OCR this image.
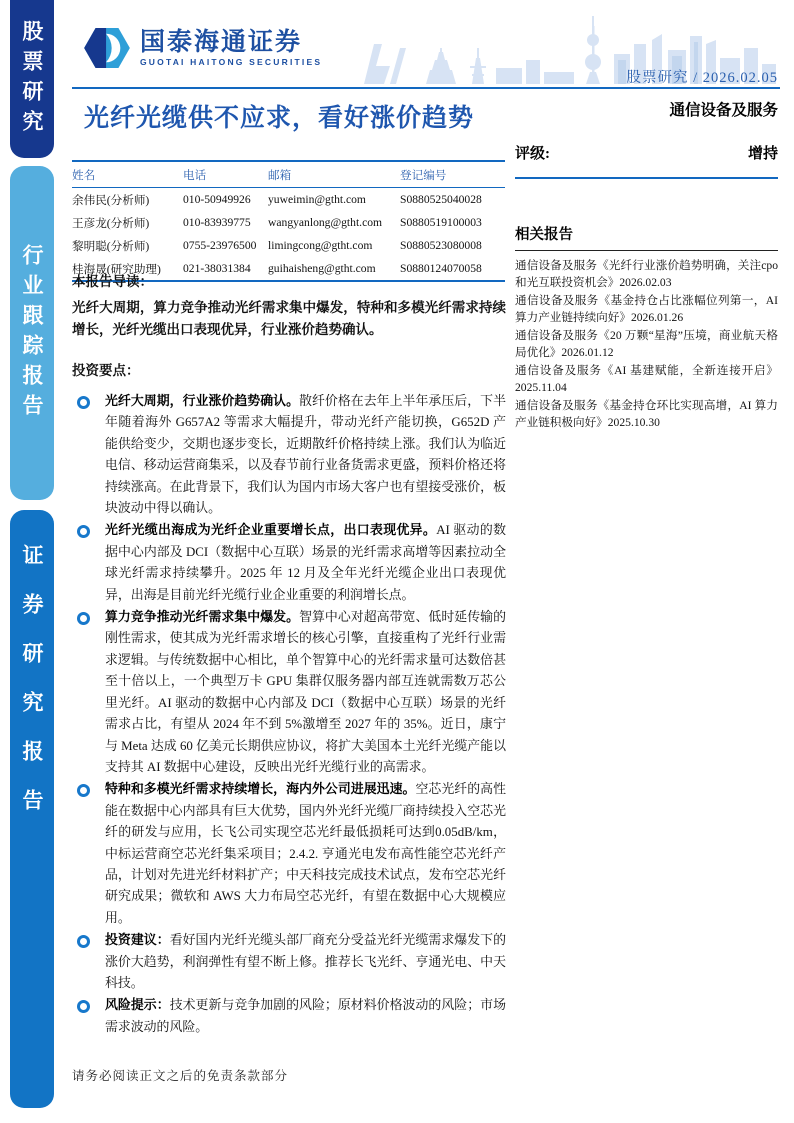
股票研究
行业跟踪报告
证券研究报告
国泰海通证券
GUOTAI HAITONG SECURITIES
股票研究 / 2026.02.05
光纤光缆供不应求，看好涨价趋势	通信设备及服务
评级:	增持
相关报告
通信设备及服务《光纤行业涨价趋势明确，关注cpo 和光互联投资机会》2026.02.03
通信设备及服务《基金持仓占比涨幅位列第一，AI 算力产业链持续向好》2026.01.26
通信设备及服务《20 万颗“星海”压境，商业航天格局优化》2026.01.12
通信设备及服务《AI 基建赋能，全新连接开启》2025.11.04
通信设备及服务《基金持仓环比实现高增，AI 算力产业链积极向好》2025.10.30
姓名	电话	邮箱	登记编号
余伟民(分析师)	010-50949926	yuweimin@gtht.com	S0880525040028
王彦龙(分析师)	010-83939775	wangyanlong@gtht.com	S0880519100003
黎明聪(分析师)	0755-23976500 limingcong@gtht.com	S0880523080008
桂海晟(研究助理)	021-38031384	guihaisheng@gtht.com	S0880124070058
本报告导读：
光纤大周期，算力竞争推动光纤需求集中爆发，特种和多模光纤需求持续增长，光纤光缆出口表现优异，行业涨价趋势确认。
投资要点：
光纤大周期，行业涨价趋势确认。散纤价格在去年上半年承压后，下半年随着海外 G657A2 等需求大幅提升，带动光纤产能切换，G652D 产能供给变少，交期也逐步变长，近期散纤价格持续上涨。我们认为临近电信、移动运营商集采，以及春节前行业备货需求更盛，预料价格还将持续涨高。在此背景下，我们认为国内市场大客户也有望接受涨价，板块波动中得以确认。
光纤光缆出海成为光纤企业重要增长点，出口表现优异。AI 驱动的数据中心内部及 DCI（数据中心互联）场景的光纤需求高增等因素拉动全球光纤需求持续攀升。2025 年 12 月及全年光纤光缆企业出口表现优异，出海是目前光纤光缆行业企业重要的利润增长点。
算力竞争推动光纤需求集中爆发。智算中心对超高带宽、低时延传输的刚性需求，使其成为光纤需求增长的核心引擎，直接重构了光纤行业需求逻辑。与传统数据中心相比，单个智算中心的光纤需求量可达数倍甚至十倍以上，一个典型万卡 GPU 集群仅服务器内部互连就需数万芯公里光纤。AI 驱动的数据中心内部及 DCI（数据中心互联）场景的光纤需求占比，有望从 2024 年不到 5%激增至 2027 年的 35%。近日，康宁与 Meta 达成 60 亿美元长期供应协议，将扩大美国本土光纤光缆产能以支持其 AI 数据中心建设，反映出光纤光缆行业的高需求。
特种和多模光纤需求持续增长，海内外公司进展迅速。空芯光纤的高性能在数据中心内部具有巨大优势，国内外光纤光缆厂商持续投入空芯光纤的研发与应用，长飞公司实现空芯光纤最低损耗可达到0.05dB/km，中标运营商空芯光纤集采项目；2.4.2. 亨通光电发布高性能空芯光纤产品，计划对先进光纤材料扩产；中天科技完成技术试点，发布空芯光纤研究成果；微软和 AWS 大力布局空芯光纤，有望在数据中心大规模应用。
投资建议：看好国内光纤光缆头部厂商充分受益光纤光缆需求爆发下的涨价大趋势，利润弹性有望不断上修。推荐长飞光纤、亨通光电、中天科技。
风险提示：技术更新与竞争加剧的风险；原材料价格波动的风险；市场需求波动的风险。
请务必阅读正文之后的免责条款部分
